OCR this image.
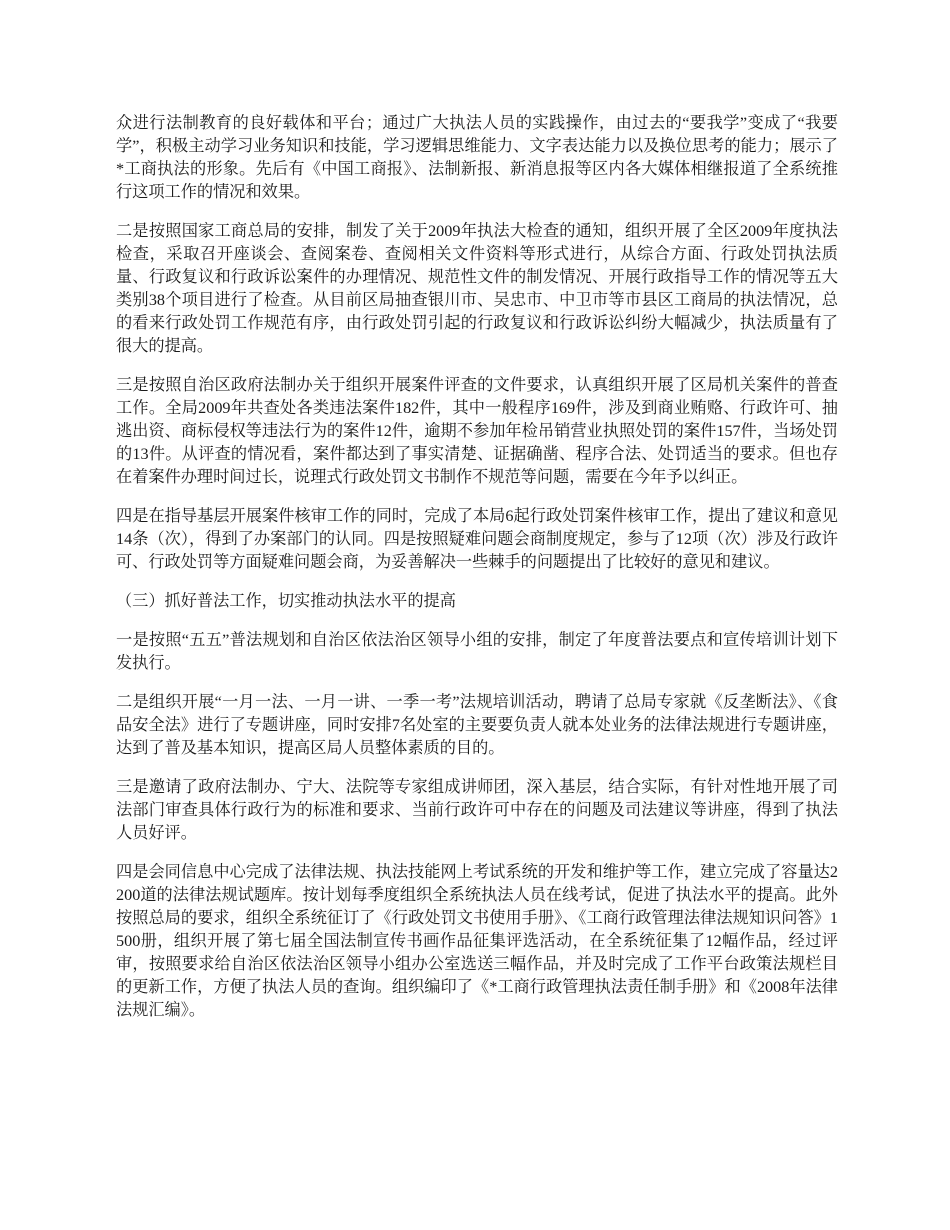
众进行法制教育的良好载体和平台；通过广大执法人员的实践操作，由过去的“要我学”变成了“我要学”，积极主动学习业务知识和技能，学习逻辑思维能力、文字表达能力以及换位思考的能力；展示了*工商执法的形象。先后有《中国工商报》、法制新报、新消息报等区内各大媒体相继报道了全系统推行这项工作的情况和效果。

二是按照国家工商总局的安排，制发了关于2009年执法大检查的通知，组织开展了全区2009年度执法检查，采取召开座谈会、查阅案卷、查阅相关文件资料等形式进行，从综合方面、行政处罚执法质量、行政复议和行政诉讼案件的办理情况、规范性文件的制发情况、开展行政指导工作的情况等五大类别38个项目进行了检查。从目前区局抽查银川市、吴忠市、中卫市等市县区工商局的执法情况，总的看来行政处罚工作规范有序，由行政处罚引起的行政复议和行政诉讼纠纷大幅减少，执法质量有了很大的提高。

三是按照自治区政府法制办关于组织开展案件评查的文件要求，认真组织开展了区局机关案件的普查工作。全局2009年共查处各类违法案件182件，其中一般程序169件，涉及到商业贿赂、行政许可、抽逃出资、商标侵权等违法行为的案件12件，逾期不参加年检吊销营业执照处罚的案件157件，当场处罚的13件。从评查的情况看，案件都达到了事实清楚、证据确凿、程序合法、处罚适当的要求。但也存在着案件办理时间过长，说理式行政处罚文书制作不规范等问题，需要在今年予以纠正。

四是在指导基层开展案件核审工作的同时，完成了本局6起行政处罚案件核审工作，提出了建议和意见14条（次），得到了办案部门的认同。四是按照疑难问题会商制度规定，参与了12项（次）涉及行政许可、行政处罚等方面疑难问题会商，为妥善解决一些棘手的问题提出了比较好的意见和建议。

（三）抓好普法工作，切实推动执法水平的提高

一是按照“五五”普法规划和自治区依法治区领导小组的安排，制定了年度普法要点和宣传培训计划下发执行。

二是组织开展“一月一法、一月一讲、一季一考”法规培训活动，聘请了总局专家就《反垄断法》、《食品安全法》进行了专题讲座，同时安排7名处室的主要要负责人就本处业务的法律法规进行专题讲座，达到了普及基本知识，提高区局人员整体素质的目的。

三是邀请了政府法制办、宁大、法院等专家组成讲师团，深入基层，结合实际，有针对性地开展了司法部门审查具体行政行为的标准和要求、当前行政许可中存在的问题及司法建议等讲座，得到了执法人员好评。

四是会同信息中心完成了法律法规、执法技能网上考试系统的开发和维护等工作，建立完成了容量达2200道的法律法规试题库。按计划每季度组织全系统执法人员在线考试，促进了执法水平的提高。此外按照总局的要求，组织全系统征订了《行政处罚文书使用手册》、《工商行政管理法律法规知识问答》1500册，组织开展了第七届全国法制宣传书画作品征集评选活动，在全系统征集了12幅作品，经过评审，按照要求给自治区依法治区领导小组办公室选送三幅作品，并及时完成了工作平台政策法规栏目的更新工作，方便了执法人员的查询。组织编印了《*工商行政管理执法责任制手册》和《2008年法律法规汇编》。
